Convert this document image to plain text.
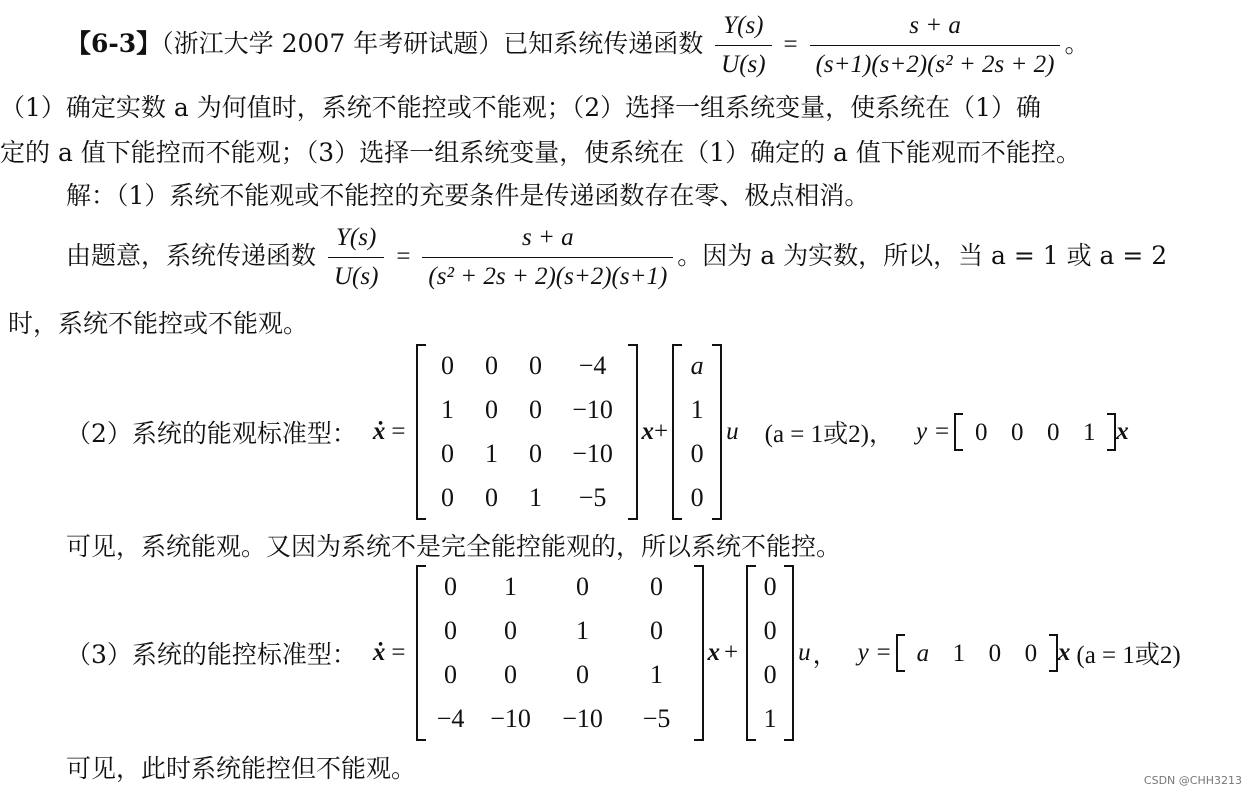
【6-3】（浙江大学 2007 年考研试题）已知系统传递函数 $\frac{Y(s)}{U(s)} = \frac{s + a}{\text{(s+1)(s+2)(s² + 2s + 2)}}$ 。
（1）确定实数 a 为何值时，系统不能控或不能观；（2）选择一组系统变量，使系统在（1）确
定的 a 值下能控而不能观；（3）选择一组系统变量，使系统在（1）确定的 a 值下能观而不能控。
解：（1）系统不能观或不能控的充要条件是传递函数存在零、极点相消。
由题意，系统传递函数 $\frac{Y(s)}{U(s)} = \frac{s + a}{\text{(s² + 2s + 2)(s+2)(s+1)}}$ 。因为 a 为实数，所以，当 a = 1 或 a = 2
时，系统不能控或不能观。
（2）系统的能观标准型： ẋ =
0	0	0	−4
1	0	0	−10
0	1	0	−10
0	0	1	−5
x +
a
1
0
0
u (a = 1或2)， y = 0 0 0 1 x
可见，系统能观。又因为系统不是完全能控能观的，所以系统不能控。
（3）系统的能控标准型： ẋ =
0	1	0	0
0	0	1	0
0	0	0	1
−4 −10	−10	−5
x +
0
0
0
1
u ， y = a 1 0 0 x (a = 1或2)
可见，此时系统能控但不能观。	CSDN @CHH3213
